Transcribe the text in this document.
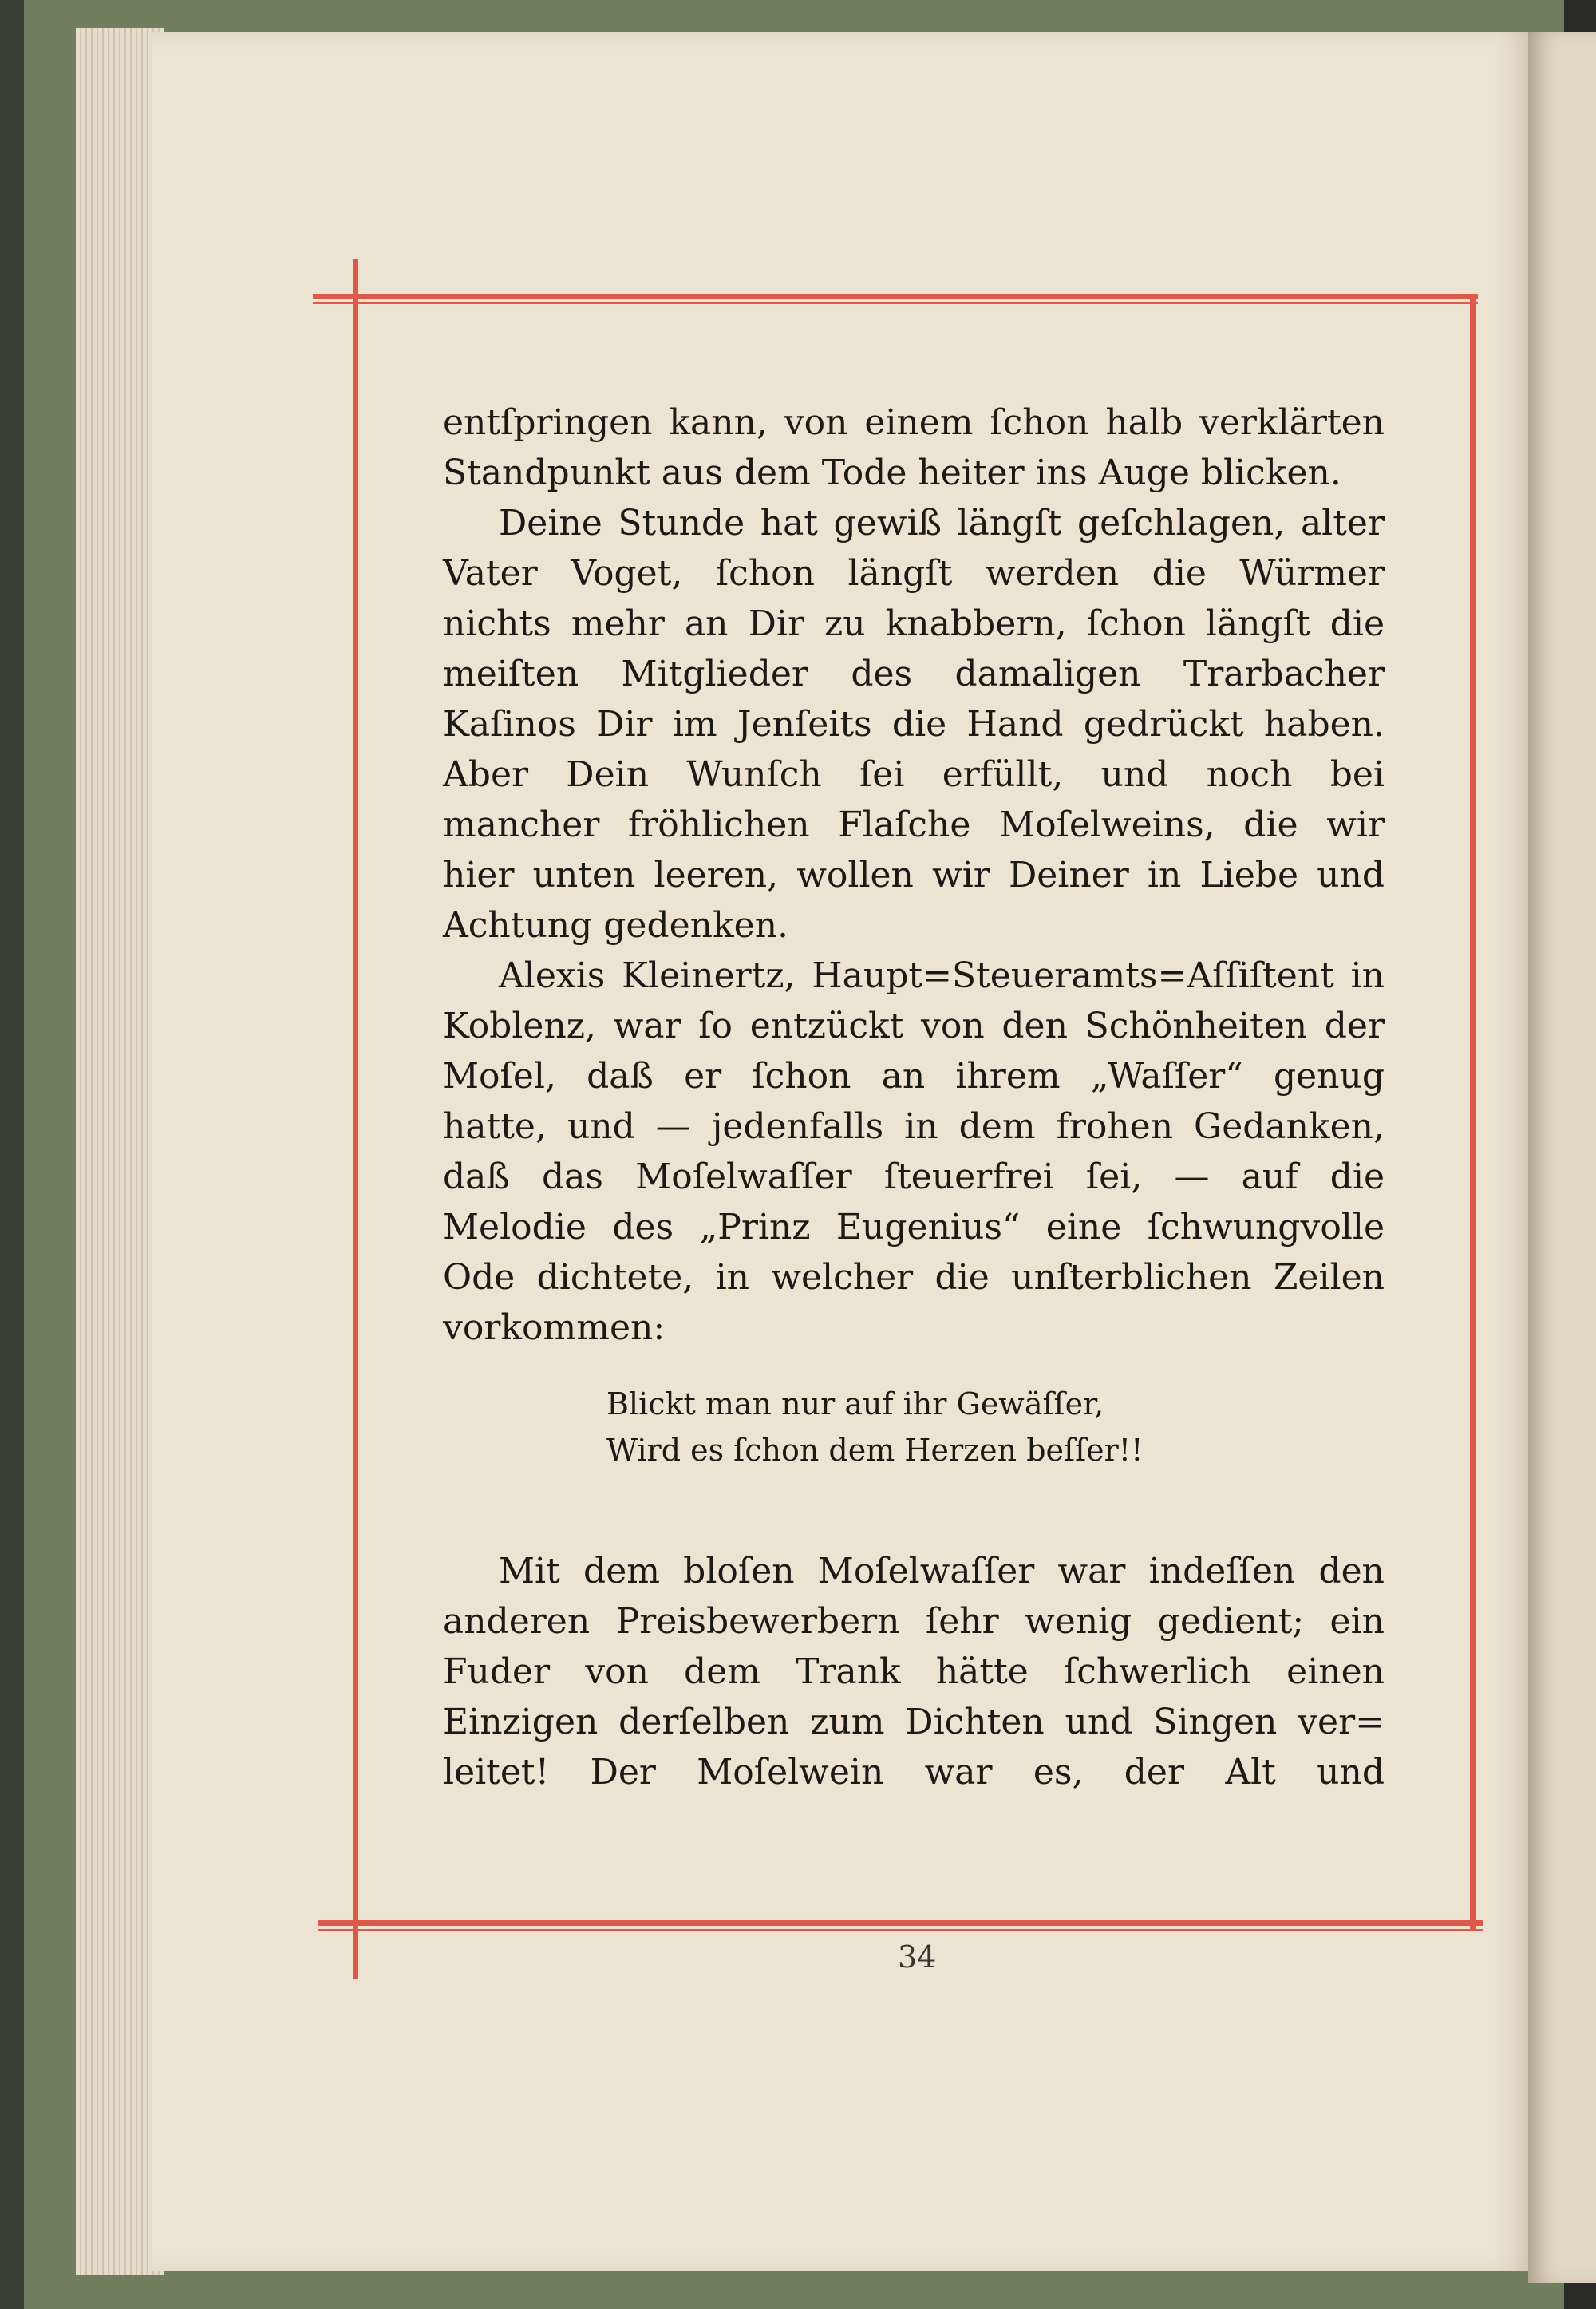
entſpringen kann, von einem ſchon halb verklärten
Standpunkt aus dem Tode heiter ins Auge blicken.

Deine Stunde hat gewiß längſt geſchlagen, alter
Vater Voget, ſchon längſt werden die Würmer
nichts mehr an Dir zu knabbern, ſchon längſt die
meiſten Mitglieder des damaligen Trarbacher
Kaſinos Dir im Jenſeits die Hand gedrückt haben.
Aber Dein Wunſch ſei erfüllt, und noch bei
mancher fröhlichen Flaſche Moſelweins, die wir
hier unten leeren, wollen wir Deiner in Liebe und
Achtung gedenken.

Alexis Kleinertz, Haupt=Steueramts=Aſſiſtent in
Koblenz, war ſo entzückt von den Schönheiten der
Moſel, daß er ſchon an ihrem „Waſſer“ genug
hatte, und — jedenfalls in dem frohen Gedanken,
daß das Moſelwaſſer ſteuerfrei ſei, — auf die
Melodie des „Prinz Eugenius“ eine ſchwungvolle
Ode dichtete, in welcher die unſterblichen Zeilen
vorkommen:

Blickt man nur auf ihr Gewäſſer,
Wird es ſchon dem Herzen beſſer!!

Mit dem bloſen Moſelwaſſer war indeſſen den
anderen Preisbewerbern ſehr wenig gedient; ein
Fuder von dem Trank hätte ſchwerlich einen
Einzigen derſelben zum Dichten und Singen ver=
leitet! Der Moſelwein war es, der Alt und

34
